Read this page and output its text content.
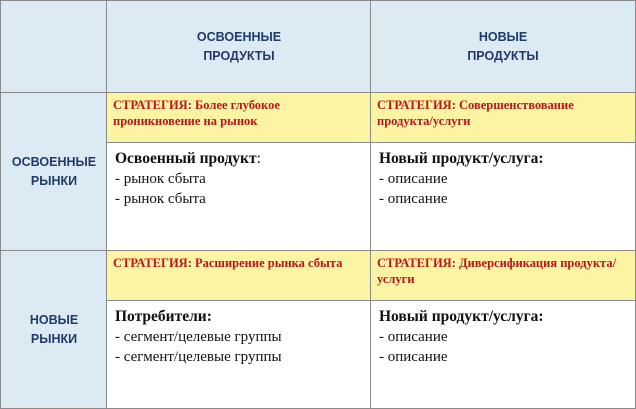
ОСВОЕННЫЕ
ПРОДУКТЫ
НОВЫЕ
ПРОДУКТЫ
ОСВОЕННЫЕ
РЫНКИ
НОВЫЕ
РЫНКИ
СТРАТЕГИЯ: Более глубокое проникновение на рынок
Освоенный продукт:
- рынок сбыта
- рынок сбыта
СТРАТЕГИЯ: Совершенствование продукта/услуги
Новый продукт/услуга:
- описание
- описание
СТРАТЕГИЯ: Расширение рынка сбыта
Потребители:
- сегмент/целевые группы
- сегмент/целевые группы
СТРАТЕГИЯ: Диверсификация продукта/услуги
Новый продукт/услуга:
- описание
- описание
